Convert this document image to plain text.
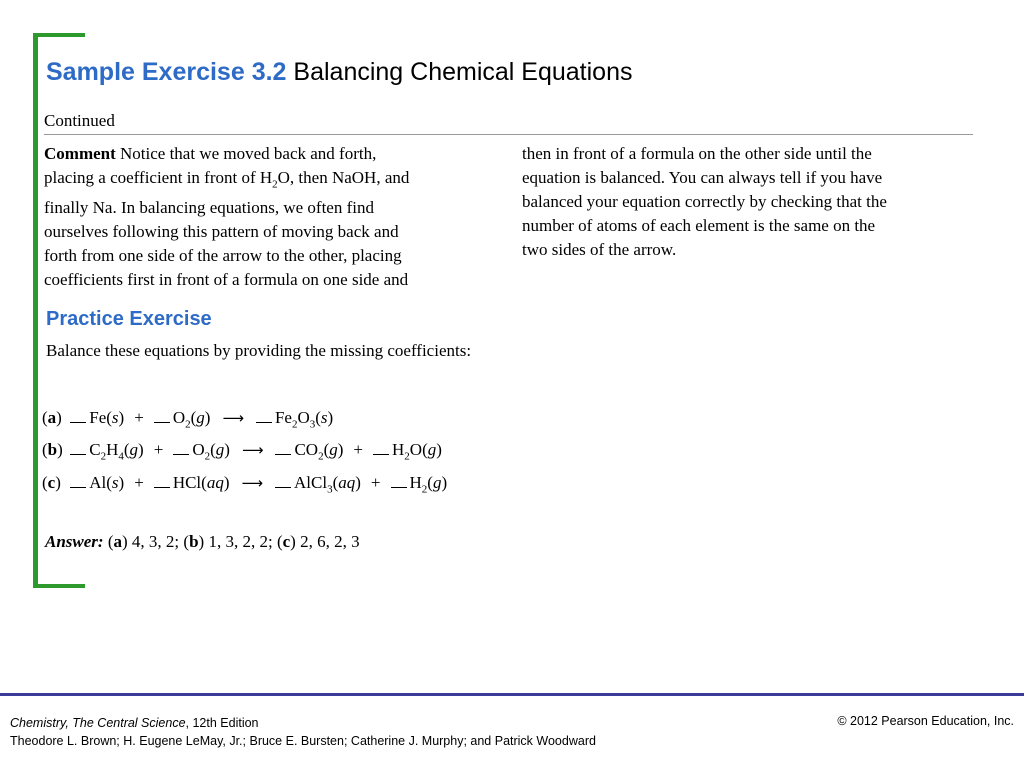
Sample Exercise 3.2 Balancing Chemical Equations
Continued
Comment Notice that we moved back and forth,
placing a coefficient in front of $H_2O$, then NaOH, and
finally Na. In balancing equations, we often find
ourselves following this pattern of moving back and
forth from one side of the arrow to the other, placing
coefficients first in front of a formula on one side and
then in front of a formula on the other side until the
equation is balanced. You can always tell if you have
balanced your equation correctly by checking that the
number of atoms of each element is the same on the
two sides of the arrow.
Practice Exercise
Balance these equations by providing the missing coefficients:
(a) $Fe(s) + O_2(g)$ ⟶ $Fe_2O_3(s)$
(b) $C_2H_4(g) + O_2(g)$ ⟶ $CO_2(g) + H_2O(g)$
(c) Al(s) + HCl(aq) ⟶ AlCl$_3$(aq) + $H_2(g)$
Answer: (a) 4, 3, 2; (b) 1, 3, 2, 2; (c) 2, 6, 2, 3
Chemistry, The Central Science, 12th Edition
Theodore L. Brown; H. Eugene LeMay, Jr.; Bruce E. Bursten; Catherine J. Murphy; and Patrick Woodward
© 2012 Pearson Education, Inc.
